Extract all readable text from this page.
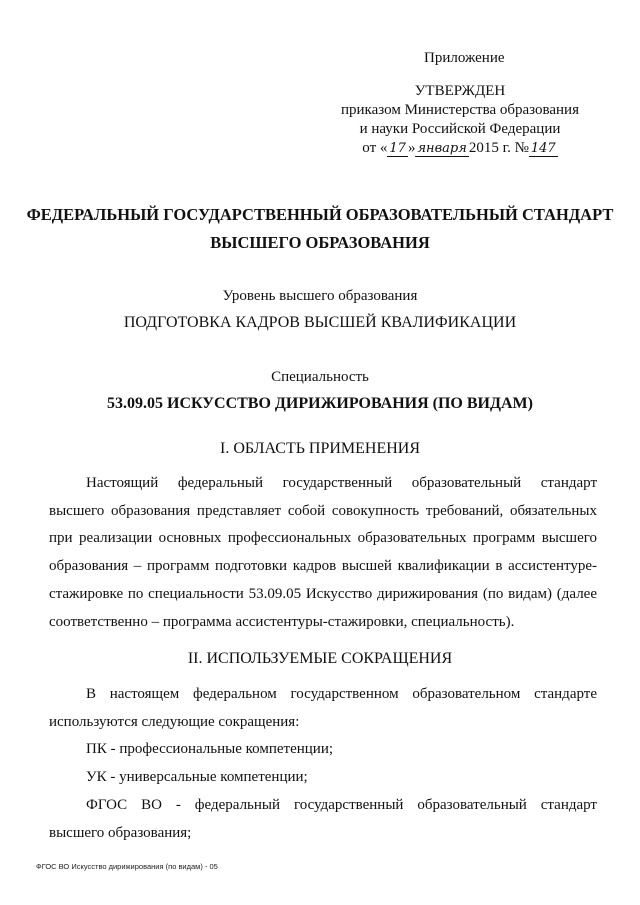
Приложение
УТВЕРЖДЕН
приказом Министерства образования
и науки Российской Федерации
от « 17 » января 2015 г. № 147
ФЕДЕРАЛЬНЫЙ ГОСУДАРСТВЕННЫЙ ОБРАЗОВАТЕЛЬНЫЙ СТАНДАРТ
ВЫСШЕГО ОБРАЗОВАНИЯ
Уровень высшего образования
ПОДГОТОВКА КАДРОВ ВЫСШЕЙ КВАЛИФИКАЦИИ
Специальность
53.09.05 ИСКУССТВО ДИРИЖИРОВАНИЯ (ПО ВИДАМ)
I. ОБЛАСТЬ ПРИМЕНЕНИЯ
Настоящий федеральный государственный образовательный стандарт
высшего образования представляет собой совокупность требований, обязательных
при реализации основных профессиональных образовательных программ высшего
образования – программ подготовки кадров высшей квалификации в ассистентуре-
стажировке по специальности 53.09.05 Искусство дирижирования (по видам) (далее
соответственно – программа ассистентуры-стажировки, специальность).
II. ИСПОЛЬЗУЕМЫЕ СОКРАЩЕНИЯ
В настоящем федеральном государственном образовательном стандарте
используются следующие сокращения:
ПК - профессиональные компетенции;
УК - универсальные компетенции;
ФГОС ВО - федеральный государственный образовательный стандарт
высшего образования;
ФГОС ВО Искусство дирижирования (по видам) - 05
